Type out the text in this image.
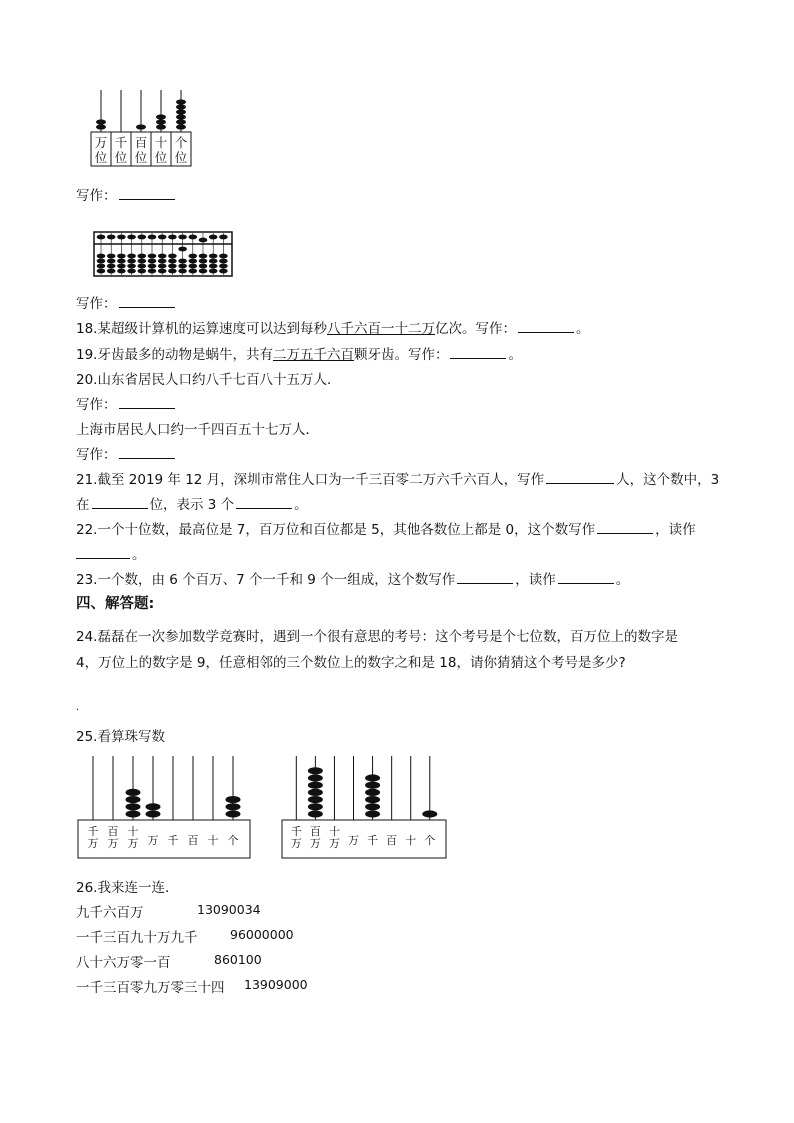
万
位
千
位
百
位
十
位
个
位
写作：
写作：
18.某超级计算机的运算速度可以达到每秒八千六百一十二万亿次。写作：	。
19.牙齿最多的动物是蜗牛，共有二万五千六百颗牙齿。写作：	。
20.山东省居民人口约八千七百八十五万人．
写作：
上海市居民人口约一千四百五十七万人．
写作：
21.截至 2019 年 12 月，深圳市常住人口为一千三百零二万六千六百人，写作	人，这个数中，3
在	位，表示 3 个	。
22.一个十位数，最高位是 7，百万位和百位都是 5，其他各数位上都是 0，这个数写作	，读作
。
23.一个数，由 6 个百万、7 个一千和 9 个一组成，这个数写作	，读作	。
四、解答题:
24.磊磊在一次参加数学竞赛时，遇到一个很有意思的考号：这个考号是个七位数，百万位上的数字是
4，万位上的数字是 9，任意相邻的三个数位上的数字之和是 18，请你猜猜这个考号是多少?
.
25.看算珠写数
千
万
百
万
十
万 万 千 百 十 个
千
万
百
万
十
万 万 千 百 十 个
26.我来连一连．
九千六百万	13090034
一千三百九十万九千	96000000
八十六万零一百	860100
一千三百零九万零三十四 13909000
